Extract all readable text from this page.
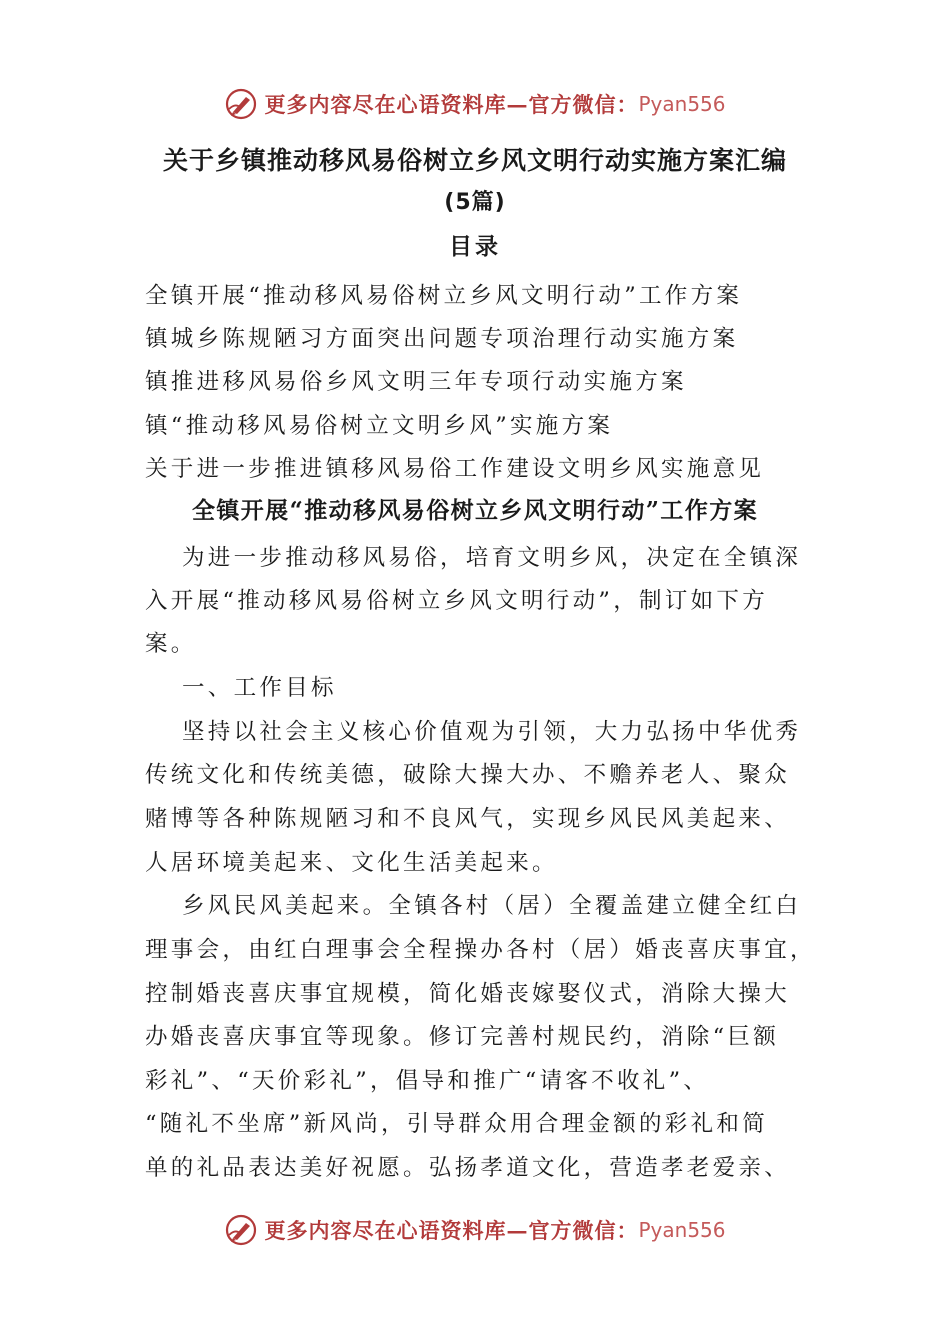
更多内容尽在心语资料库—官方微信： Pyan556
关于乡镇推动移风易俗树立乡风文明行动实施方案汇编
(5篇)
目录
全镇开展“推动移风易俗树立乡风文明行动”工作方案
镇城乡陈规陋习方面突出问题专项治理行动实施方案
镇推进移风易俗乡风文明三年专项行动实施方案
镇“推动移风易俗树立文明乡风”实施方案
关于进一步推进镇移风易俗工作建设文明乡风实施意见
全镇开展“推动移风易俗树立乡风文明行动”工作方案
为进一步推动移风易俗，培育文明乡风，决定在全镇深
入开展“推动移风易俗树立乡风文明行动”，制订如下方
案。
一、工作目标
坚持以社会主义核心价值观为引领，大力弘扬中华优秀
传统文化和传统美德，破除大操大办、不赡养老人、聚众
赌博等各种陈规陋习和不良风气，实现乡风民风美起来、
人居环境美起来、文化生活美起来。
乡风民风美起来。全镇各村（居）全覆盖建立健全红白
理事会，由红白理事会全程操办各村（居）婚丧喜庆事宜，
控制婚丧喜庆事宜规模，简化婚丧嫁娶仪式，消除大操大
办婚丧喜庆事宜等现象。修订完善村规民约，消除“巨额
彩礼”、“天价彩礼”，倡导和推广“请客不收礼”、
“随礼不坐席”新风尚，引导群众用合理金额的彩礼和简
单的礼品表达美好祝愿。弘扬孝道文化，营造孝老爱亲、
更多内容尽在心语资料库—官方微信： Pyan556
